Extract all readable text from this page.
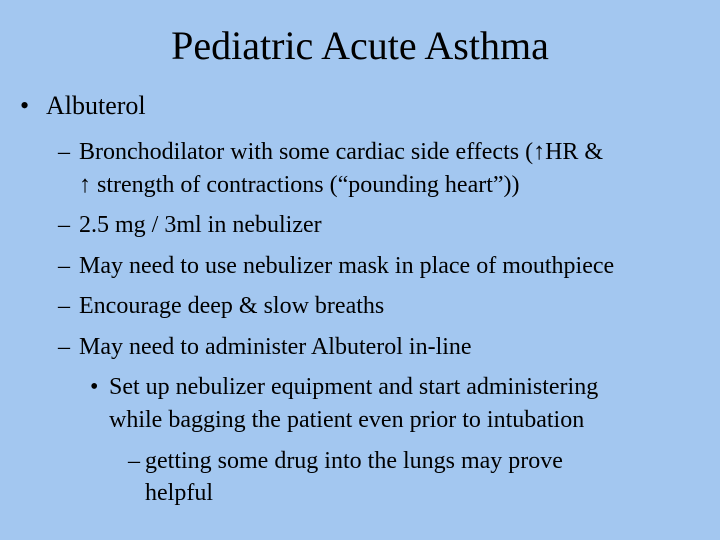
Pediatric Acute Asthma
• Albuterol
– Bronchodilator with some cardiac side effects (↑HR &
↑ strength of contractions (“pounding heart”))
– 2.5 mg / 3ml in nebulizer
– May need to use nebulizer mask in place of mouthpiece
– Encourage deep & slow breaths
– May need to administer Albuterol in-line
• Set up nebulizer equipment and start administering
while bagging the patient even prior to intubation
– getting some drug into the lungs may prove
helpful
